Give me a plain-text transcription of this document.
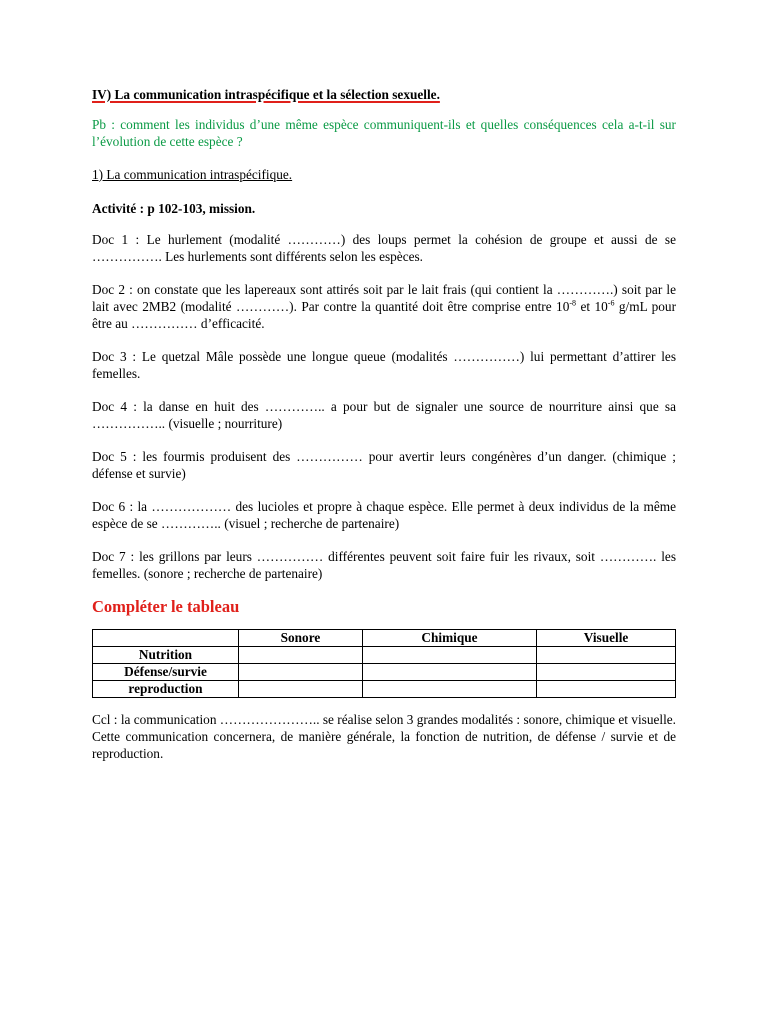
IV) La communication intraspécifique et la sélection sexuelle.

Pb : comment les individus d’une même espèce communiquent-ils et quelles conséquences cela a-t-il sur l’évolution de cette espèce ?

1) La communication intraspécifique.

Activité : p 102-103, mission.

Doc 1 : Le hurlement (modalité …………) des loups permet la cohésion de groupe et aussi de se ……………. Les hurlements sont différents selon les espèces.

Doc 2 : on constate que les lapereaux sont attirés soit par le lait frais (qui contient la ………….) soit par le lait avec 2MB2 (modalité …………). Par contre la quantité doit être comprise entre $10^{-8}$ et $10^{-6}$ g/mL pour être au …………… d’efficacité.

Doc 3 : Le quetzal Mâle possède une longue queue (modalités ……………) lui permettant d’attirer les femelles.

Doc 4 : la danse en huit des ………….. a pour but de signaler une source de nourriture ainsi que sa …………….. (visuelle ; nourriture)

Doc 5 : les fourmis produisent des …………… pour avertir leurs congénères d’un danger. (chimique ; défense et survie)

Doc 6 : la ……………… des lucioles et propre à chaque espèce. Elle permet à deux individus de la même espèce de se ………….. (visuel ; recherche de partenaire)

Doc 7 : les grillons par leurs …………… différentes peuvent soit faire fuir les rivaux, soit …………. les femelles. (sonore ; recherche de partenaire)

Compléter le tableau

	Sonore	Chimique	Visuelle
Nutrition			
Défense/survie			
reproduction			

Ccl : la communication ………………….. se réalise selon 3 grandes modalités : sonore, chimique et visuelle. Cette communication concernera, de manière générale, la fonction de nutrition, de défense / survie et de reproduction.
